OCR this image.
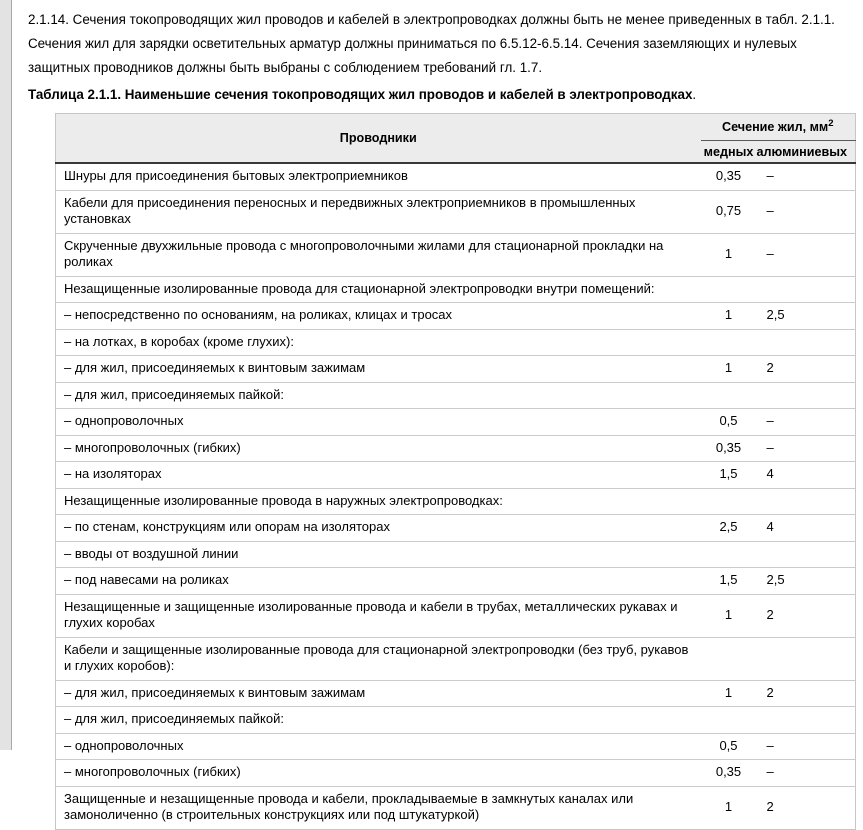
2.1.14. Сечения токопроводящих жил проводов и кабелей в электропроводках должны быть не менее приведенных в табл. 2.1.1.
Сечения жил для зарядки осветительных арматур должны приниматься по 6.5.12-6.5.14. Сечения заземляющих и нулевых
защитных проводников должны быть выбраны с соблюдением требований гл. 1.7.

Таблица 2.1.1. Наименьшие сечения токопроводящих жил проводов и кабелей в электропроводках.

Проводники	Сечение жил, $мм^2$
	медных	алюминиевых
Шнуры для присоединения бытовых электроприемников	0,35	–
Кабели для присоединения переносных и передвижных электроприемников в промышленных установках	0,75	–
Скрученные двухжильные провода с многопроволочными жилами для стационарной прокладки на роликах	1	–
Незащищенные изолированные провода для стационарной электропроводки внутри помещений:		
– непосредственно по основаниям, на роликах, клицах и тросах	1	2,5
– на лотках, в коробах (кроме глухих):		
– для жил, присоединяемых к винтовым зажимам	1	2
– для жил, присоединяемых пайкой:		
– однопроволочных	0,5	–
– многопроволочных (гибких)	0,35	–
– на изоляторах	1,5	4
Незащищенные изолированные провода в наружных электропроводках:		
– по стенам, конструкциям или опорам на изоляторах	2,5	4
– вводы от воздушной линии		
– под навесами на роликах	1,5	2,5
Незащищенные и защищенные изолированные провода и кабели в трубах, металлических рукавах и глухих коробах	1	2
Кабели и защищенные изолированные провода для стационарной электропроводки (без труб, рукавов и глухих коробов):		
– для жил, присоединяемых к винтовым зажимам	1	2
– для жил, присоединяемых пайкой:		
– однопроволочных	0,5	–
– многопроволочных (гибких)	0,35	–
Защищенные и незащищенные провода и кабели, прокладываемые в замкнутых каналах или замоноличенно (в строительных конструкциях или под штукатуркой)	1	2
